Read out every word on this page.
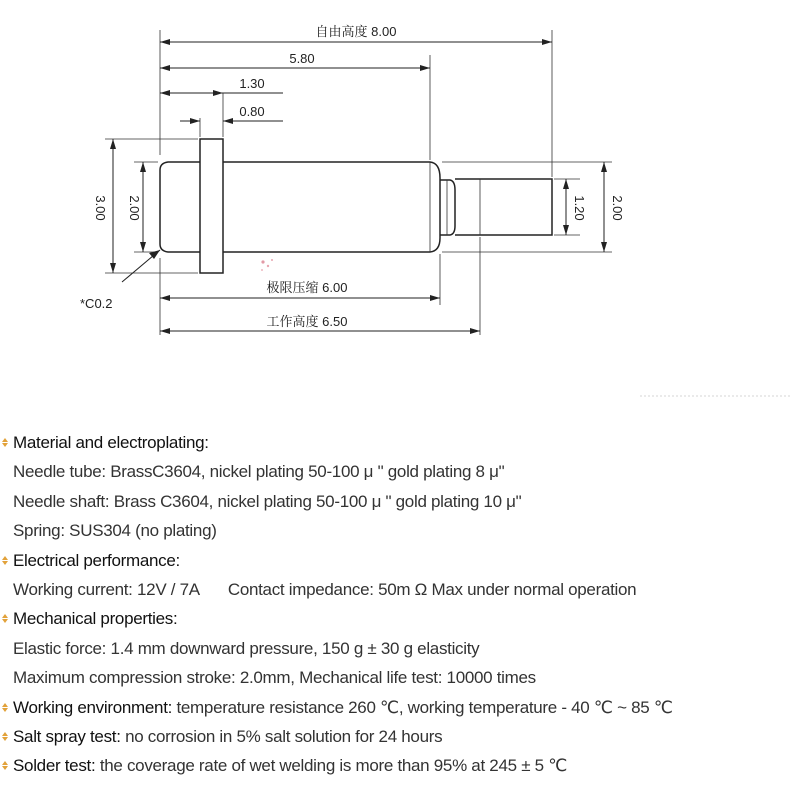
自由高度 8.00
5.80
1.30
0.80
极限压缩 6.00
工作高度 6.50
3.00 2.00	1.20 2.00
*C0.2
Material and electroplating:
Needle tube: BrassC3604, nickel plating 50-100 μ " gold plating 8 μ"
Needle shaft: Brass C3604, nickel plating 50-100 μ " gold plating 10 μ"
Spring: SUS304 (no plating)
Electrical performance:
Working current: 12V / 7A Contact impedance: 50m Ω Max under normal operation
Mechanical properties:
Elastic force: 1.4 mm downward pressure, 150 g ± 30 g elasticity
Maximum compression stroke: 2.0mm, Mechanical life test: 10000 times
Working environment: temperature resistance 260 ℃, working temperature - 40 ℃ ~ 85 ℃
Salt spray test: no corrosion in 5% salt solution for 24 hours
Solder test: the coverage rate of wet welding is more than 95% at 245 ± 5 ℃
